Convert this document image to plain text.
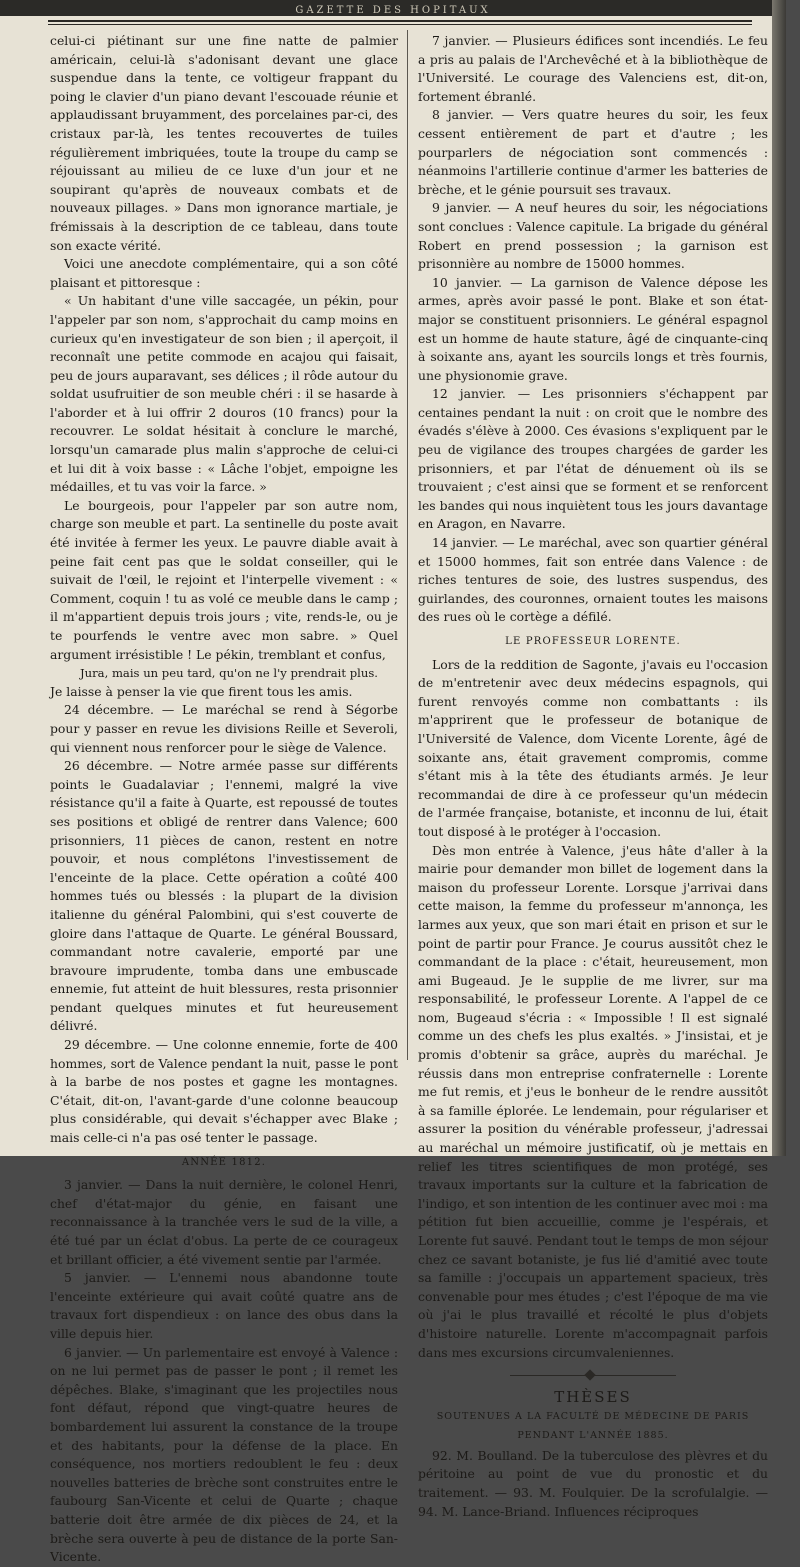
GAZETTE DES HOPITAUX

celui-ci piétinant sur une fine natte de palmier américain, celui-là s'adonisant devant une glace suspendue dans la tente, ce voltigeur frappant du poing le clavier d'un piano devant l'escouade réunie et applaudissant bruyamment, des porcelaines par-ci, des cristaux par-là, les tentes recouvertes de tuiles régulièrement imbriquées, toute la troupe du camp se réjouissant au milieu de ce luxe d'un jour et ne soupirant qu'après de nouveaux combats et de nouveaux pillages. » Dans mon ignorance martiale, je frémissais à la description de ce tableau, dans toute son exacte vérité.

Voici une anecdote complémentaire, qui a son côté plaisant et pittoresque :

« Un habitant d'une ville saccagée, un pékin, pour l'appeler par son nom, s'approchait du camp moins en curieux qu'en investigateur de son bien ; il aperçoit, il reconnaît une petite commode en acajou qui faisait, peu de jours auparavant, ses délices ; il rôde autour du soldat usufruitier de son meuble chéri : il se hasarde à l'aborder et à lui offrir 2 douros (10 francs) pour la recouvrer. Le soldat hésitait à conclure le marché, lorsqu'un camarade plus malin s'approche de celui-ci et lui dit à voix basse : « Lâche l'objet, empoigne les médailles, et tu vas voir la farce. »

Le bourgeois, pour l'appeler par son autre nom, charge son meuble et part. La sentinelle du poste avait été invitée à fermer les yeux. Le pauvre diable avait à peine fait cent pas que le soldat conseiller, qui le suivait de l'œil, le rejoint et l'interpelle vivement : « Comment, coquin ! tu as volé ce meuble dans le camp ; il m'appartient depuis trois jours ; vite, rends-le, ou je te pourfends le ventre avec mon sabre. » Quel argument irrésistible ! Le pékin, tremblant et confus,

Jura, mais un peu tard, qu'on ne l'y prendrait plus.

Je laisse à penser la vie que firent tous les amis.

24 décembre. — Le maréchal se rend à Ségorbe pour y passer en revue les divisions Reille et Severoli, qui viennent nous renforcer pour le siège de Valence.

26 décembre. — Notre armée passe sur différents points le Guadalaviar ; l'ennemi, malgré la vive résistance qu'il a faite à Quarte, est repoussé de toutes ses positions et obligé de rentrer dans Valence; 600 prisonniers, 11 pièces de canon, restent en notre pouvoir, et nous complétons l'investissement de l'enceinte de la place. Cette opération a coûté 400 hommes tués ou blessés : la plupart de la division italienne du général Palombini, qui s'est couverte de gloire dans l'attaque de Quarte. Le général Boussard, commandant notre cavalerie, emporté par une bravoure imprudente, tomba dans une embuscade ennemie, fut atteint de huit blessures, resta prisonnier pendant quelques minutes et fut heureusement délivré.

29 décembre. — Une colonne ennemie, forte de 400 hommes, sort de Valence pendant la nuit, passe le pont à la barbe de nos postes et gagne les montagnes. C'était, dit-on, l'avant-garde d'une colonne beaucoup plus considérable, qui devait s'échapper avec Blake ; mais celle-ci n'a pas osé tenter le passage.

ANNÉE 1812.

3 janvier. — Dans la nuit dernière, le colonel Henri, chef d'état-major du génie, en faisant une reconnaissance à la tranchée vers le sud de la ville, a été tué par un éclat d'obus. La perte de ce courageux et brillant officier, a été vivement sentie par l'armée.

5 janvier. — L'ennemi nous abandonne toute l'enceinte extérieure qui avait coûté quatre ans de travaux fort dispendieux : on lance des obus dans la ville depuis hier.

6 janvier. — Un parlementaire est envoyé à Valence : on ne lui permet pas de passer le pont ; il remet les dépêches. Blake, s'imaginant que les projectiles nous font défaut, répond que vingt-quatre heures de bombardement lui assurent la constance de la troupe et des habitants, pour la défense de la place. En conséquence, nos mortiers redoublent le feu : deux nouvelles batteries de brèche sont construites entre le faubourg San-Vicente et celui de Quarte ; chaque batterie doit être armée de dix pièces de 24, et la brèche sera ouverte à peu de distance de la porte San-Vicente.

7 janvier. — Plusieurs édifices sont incendiés. Le feu a pris au palais de l'Archevêché et à la bibliothèque de l'Université. Le courage des Valenciens est, dit-on, fortement ébranlé.

8 janvier. — Vers quatre heures du soir, les feux cessent entièrement de part et d'autre ; les pourparlers de négociation sont commencés : néanmoins l'artillerie continue d'armer les batteries de brèche, et le génie poursuit ses travaux.

9 janvier. — A neuf heures du soir, les négociations sont conclues : Valence capitule. La brigade du général Robert en prend possession ; la garnison est prisonnière au nombre de 15000 hommes.

10 janvier. — La garnison de Valence dépose les armes, après avoir passé le pont. Blake et son état-major se constituent prisonniers. Le général espagnol est un homme de haute stature, âgé de cinquante-cinq à soixante ans, ayant les sourcils longs et très fournis, une physionomie grave.

12 janvier. — Les prisonniers s'échappent par centaines pendant la nuit : on croit que le nombre des évadés s'élève à 2000. Ces évasions s'expliquent par le peu de vigilance des troupes chargées de garder les prisonniers, et par l'état de dénuement où ils se trouvaient ; c'est ainsi que se forment et se renforcent les bandes qui nous inquiètent tous les jours davantage en Aragon, en Navarre.

14 janvier. — Le maréchal, avec son quartier général et 15000 hommes, fait son entrée dans Valence : de riches tentures de soie, des lustres suspendus, des guirlandes, des couronnes, ornaient toutes les maisons des rues où le cortège a défilé.

LE PROFESSEUR LORENTE.

Lors de la reddition de Sagonte, j'avais eu l'occasion de m'entretenir avec deux médecins espagnols, qui furent renvoyés comme non combattants : ils m'apprirent que le professeur de botanique de l'Université de Valence, dom Vicente Lorente, âgé de soixante ans, était gravement compromis, comme s'étant mis à la tête des étudiants armés. Je leur recommandai de dire à ce professeur qu'un médecin de l'armée française, botaniste, et inconnu de lui, était tout disposé à le protéger à l'occasion.

Dès mon entrée à Valence, j'eus hâte d'aller à la mairie pour demander mon billet de logement dans la maison du professeur Lorente. Lorsque j'arrivai dans cette maison, la femme du professeur m'annonça, les larmes aux yeux, que son mari était en prison et sur le point de partir pour France. Je courus aussitôt chez le commandant de la place : c'était, heureusement, mon ami Bugeaud. Je le supplie de me livrer, sur ma responsabilité, le professeur Lorente. A l'appel de ce nom, Bugeaud s'écria : « Impossible ! Il est signalé comme un des chefs les plus exaltés. » J'insistai, et je promis d'obtenir sa grâce, auprès du maréchal. Je réussis dans mon entreprise confraternelle : Lorente me fut remis, et j'eus le bonheur de le rendre aussitôt à sa famille éplorée. Le lendemain, pour régulariser et assurer la position du vénérable professeur, j'adressai au maréchal un mémoire justificatif, où je mettais en relief les titres scientifiques de mon protégé, ses travaux importants sur la culture et la fabrication de l'indigo, et son intention de les continuer avec moi : ma pétition fut bien accueillie, comme je l'espérais, et Lorente fut sauvé. Pendant tout le temps de mon séjour chez ce savant botaniste, je fus lié d'amitié avec toute sa famille : j'occupais un appartement spacieux, très convenable pour mes études ; c'est l'époque de ma vie où j'ai le plus travaillé et récolté le plus d'objets d'histoire naturelle. Lorente m'accompagnait parfois dans mes excursions circumvaleniennes.

THÈSES

SOUTENUES A LA FACULTÉ DE MÉDECINE DE PARIS

PENDANT L'ANNÉE 1885.

92. M. Boulland. De la tuberculose des plèvres et du péritoine au point de vue du pronostic et du traitement. — 93. M. Foulquier. De la scrofulalgie. — 94. M. Lance-Briand. Influences réciproques
